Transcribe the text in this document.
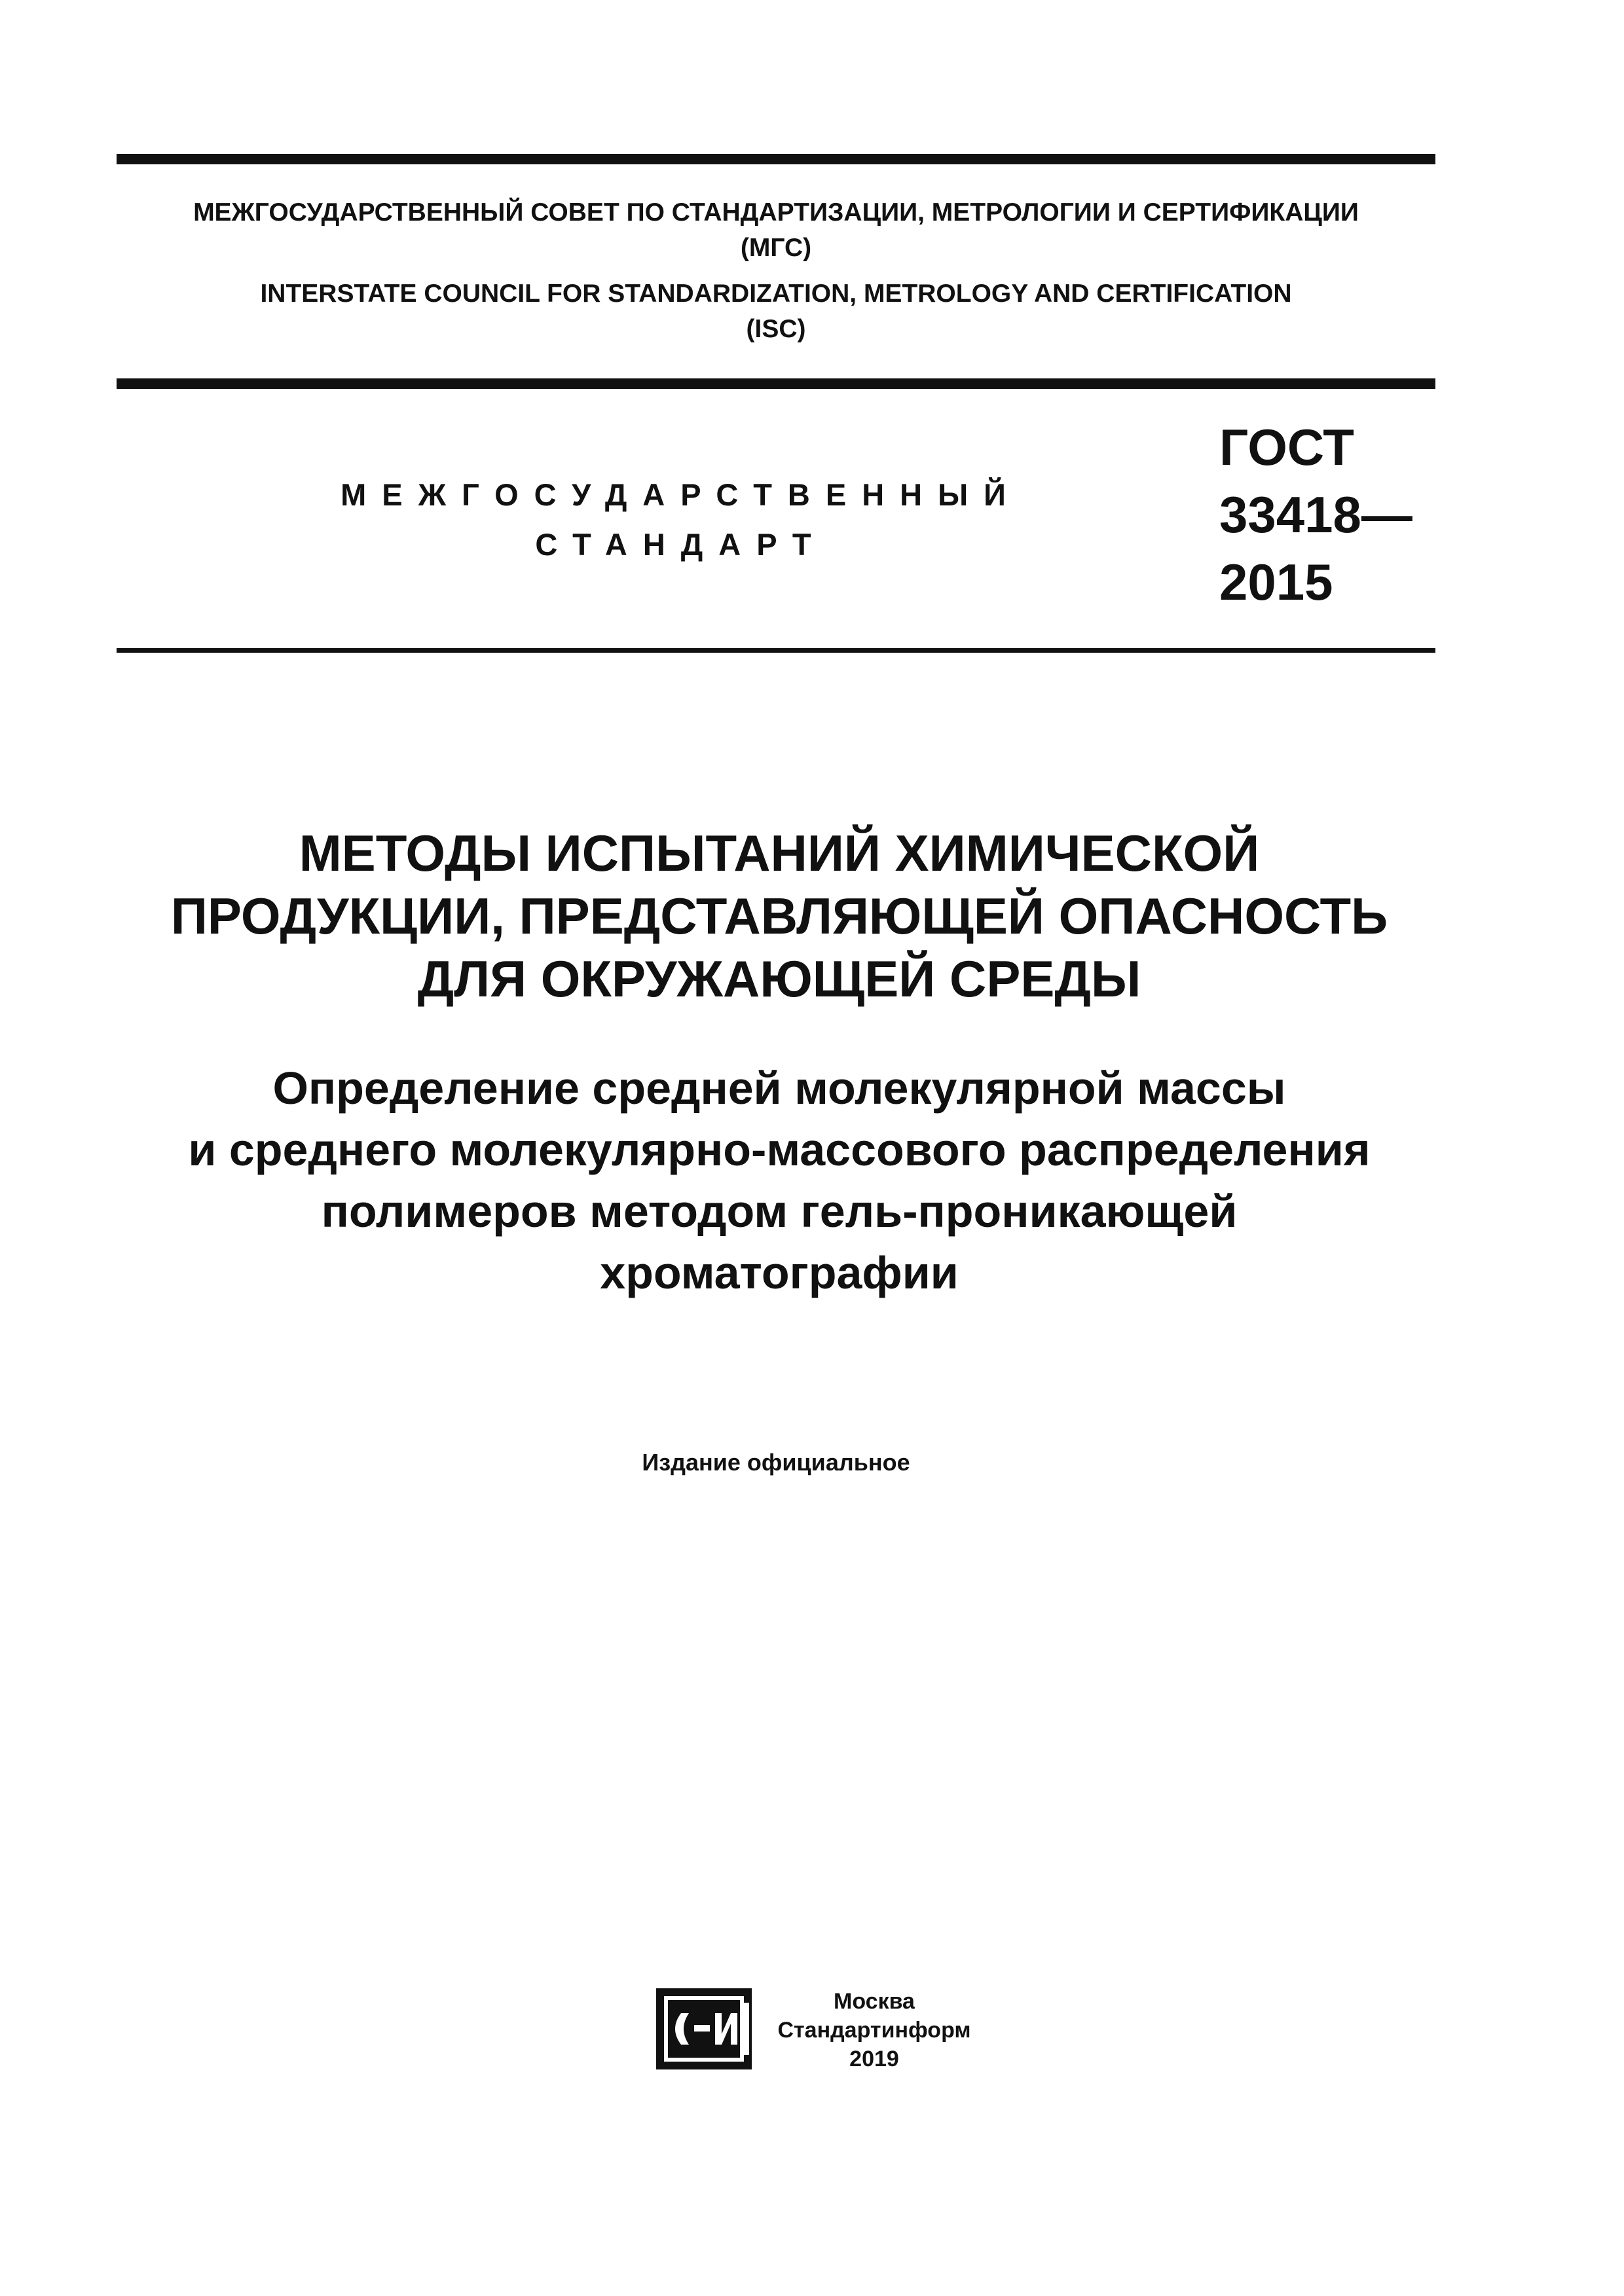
МЕЖГОСУДАРСТВЕННЫЙ СОВЕТ ПО СТАНДАРТИЗАЦИИ, МЕТРОЛОГИИ И СЕРТИФИКАЦИИ
(МГС)
INTERSTATE COUNCIL FOR STANDARDIZATION, METROLOGY AND CERTIFICATION
(ISC)
МЕЖГОСУДАРСТВЕННЫЙ
СТАНДАРТ
ГОСТ
33418—
2015
МЕТОДЫ ИСПЫТАНИЙ ХИМИЧЕСКОЙ
ПРОДУКЦИИ, ПРЕДСТАВЛЯЮЩЕЙ ОПАСНОСТЬ
ДЛЯ ОКРУЖАЮЩЕЙ СРЕДЫ
Определение средней молекулярной массы
и среднего молекулярно-массового распределения
полимеров методом гель-проникающей
хроматографии
Издание официальное
Москва
Стандартинформ
2019
